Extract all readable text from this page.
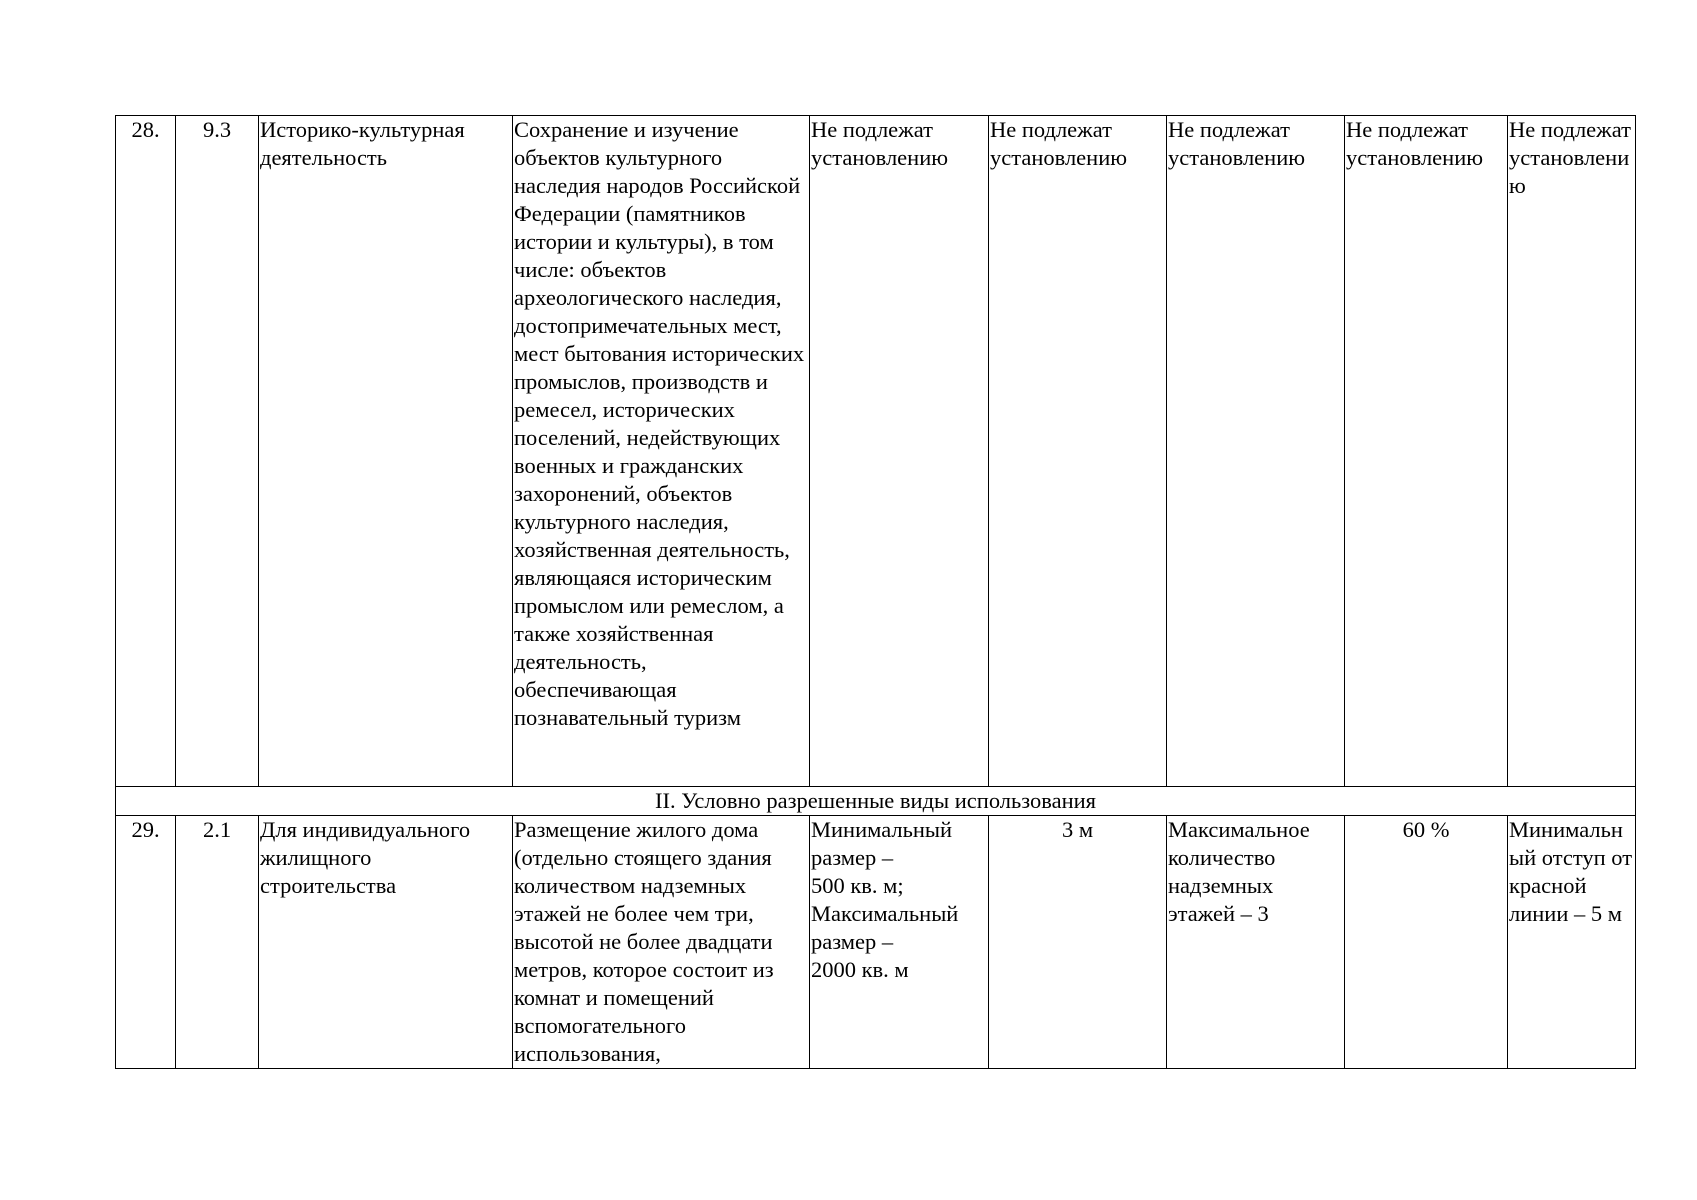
28.	9.3	Историко-культурная деятельность	Сохранение и изучение объектов культурного наследия народов Российской Федерации (памятников истории и культуры), в том числе: объектов археологического наследия, достопримечательных мест, мест бытования исторических промыслов, производств и ремесел, исторических поселений, недействующих военных и гражданских захоронений, объектов культурного наследия, хозяйственная деятельность, являющаяся историческим промыслом или ремеслом, а также хозяйственная деятельность, обеспечивающая познавательный туризм	Не подлежат установлению	Не подлежат установлению	Не подлежат установлению	Не подлежат установлению	Не подлежат установлению
II. Условно разрешенные виды использования								
29.	2.1	Для индивидуального жилищного строительства	Размещение жилого дома (отдельно стоящего здания количеством надземных этажей не более чем три, высотой не более двадцати метров, которое состоит из комнат и помещений вспомогательного использования,	Минимальный размер –
500 кв. м;
Максимальный размер –
2000 кв. м	3 м	Максимальное количество надземных этажей – 3	60 %	Минимальный отступ от красной линии – 5 м
